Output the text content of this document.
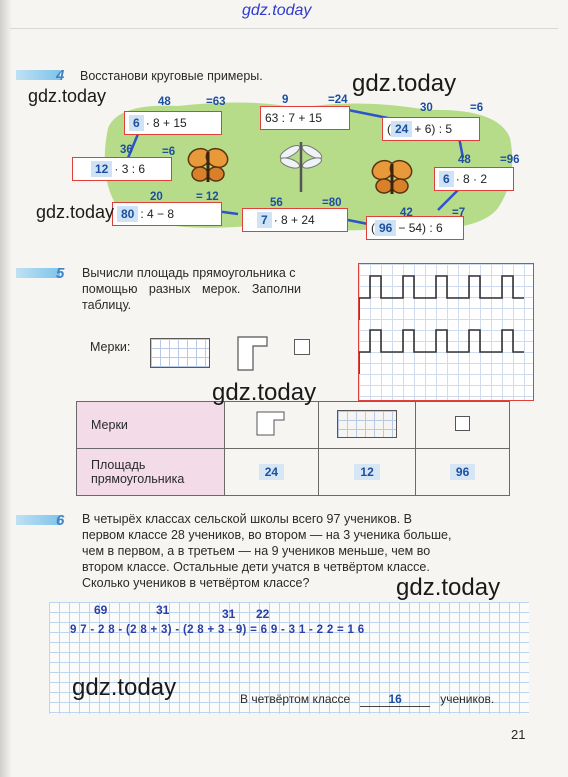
gdz.today
4 Восстанови круговые примеры.
6 · 8 + 15	63 : 7 + 15
( 24 + 6) : 5
12 · 3 : 6
6 · 8 · 2
80 : 4 − 8	7 · 8 + 24
( 96 − 54) : 6
48	=63	9	=24
30	=6
36	=6
48	=96
20	= 12	56	=80
42	=7
gdz.today
gdz.today
gdz.today
5 Вычисли площадь прямоугольника с
помощью разных мерок. Заполни
таблицу.
Мерки:
Мерки			
Площадь
прямоугольника	24	12	96
gdz.today
6 В четырёх классах сельской школы всего 97 учеников. В
первом классе 28 учеников, во втором — на 3 ученика больше,
чем в первом, а в третьем — на 9 учеников меньше, чем во
втором классе. Остальные дети учатся в четвёртом классе.
Сколько учеников в четвёртом классе?
69	31	31 22
9 7 - 2 8 - (2 8 + 3) - (2 8 + 3 - 9) = 6 9 - 3 1 - 2 2 = 1 6
gdz.today
gdz.today	В четвёртом классе	16	учеников.
21
